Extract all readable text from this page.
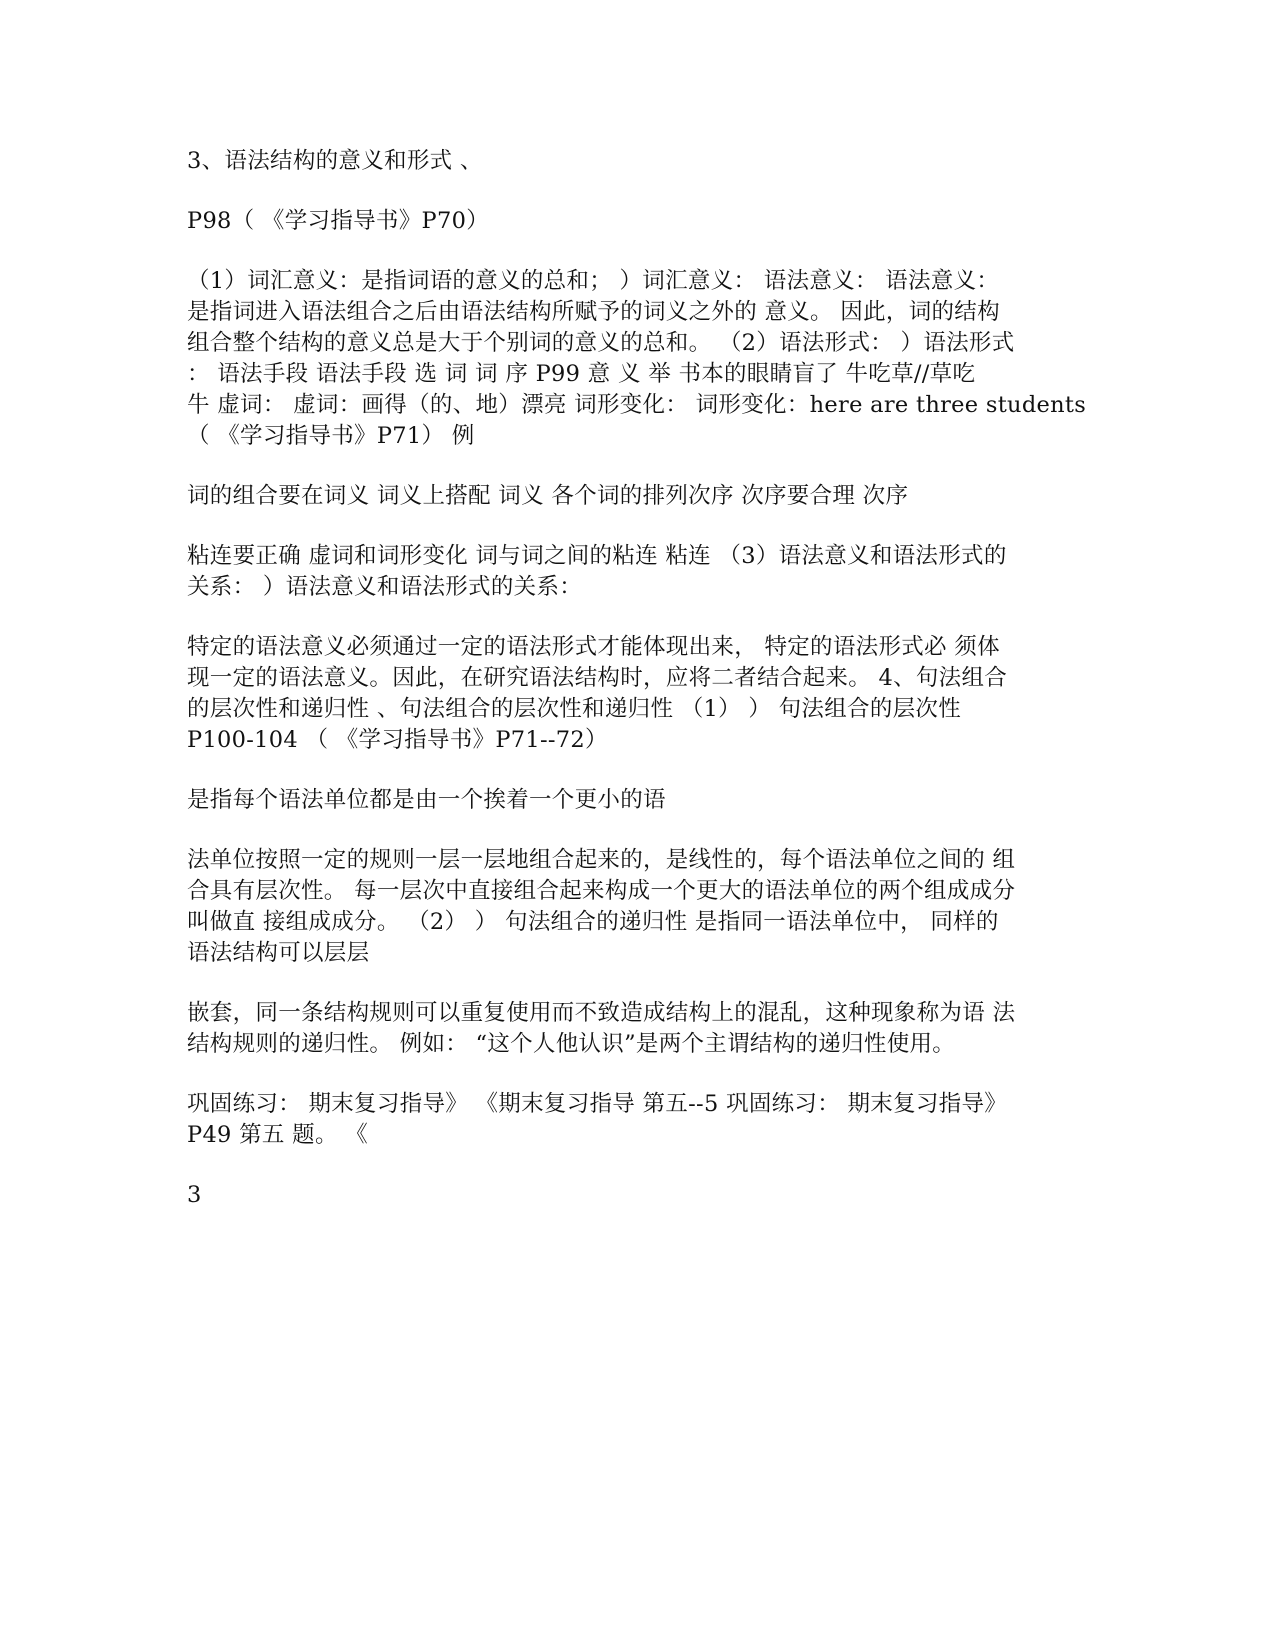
3、语法结构的意义和形式 、

P98（ 《学习指导书》P70）

（1）词汇意义：是指词语的意义的总和； ）词汇意义： 语法意义： 语法意义：
是指词进入语法组合之后由语法结构所赋予的词义之外的 意义。 因此，词的结构
组合整个结构的意义总是大于个别词的意义的总和。 （2）语法形式： ）语法形式
： 语法手段 语法手段 选 词 词 序 P99 意 义 举 书本的眼睛盲了 牛吃草//草吃
牛 虚词： 虚词：画得（的、地）漂亮 词形变化： 词形变化：here are three students
（ 《学习指导书》P71） 例

词的组合要在词义 词义上搭配 词义 各个词的排列次序 次序要合理 次序

粘连要正确 虚词和词形变化 词与词之间的粘连 粘连 （3）语法意义和语法形式的
关系： ）语法意义和语法形式的关系：

特定的语法意义必须通过一定的语法形式才能体现出来， 特定的语法形式必 须体
现一定的语法意义。因此，在研究语法结构时，应将二者结合起来。 4、句法组合
的层次性和递归性 、句法组合的层次性和递归性 （1） ） 句法组合的层次性
P100-104 （ 《学习指导书》P71--72）

是指每个语法单位都是由一个挨着一个更小的语

法单位按照一定的规则一层一层地组合起来的，是线性的，每个语法单位之间的 组
合具有层次性。 每一层次中直接组合起来构成一个更大的语法单位的两个组成成分
叫做直 接组成成分。 （2） ） 句法组合的递归性 是指同一语法单位中， 同样的
语法结构可以层层

嵌套，同一条结构规则可以重复使用而不致造成结构上的混乱，这种现象称为语 法
结构规则的递归性。 例如： “这个人他认识”是两个主谓结构的递归性使用。

巩固练习： 期末复习指导》 《期末复习指导 第五--5 巩固练习： 期末复习指导》
P49 第五 题。 《

3
